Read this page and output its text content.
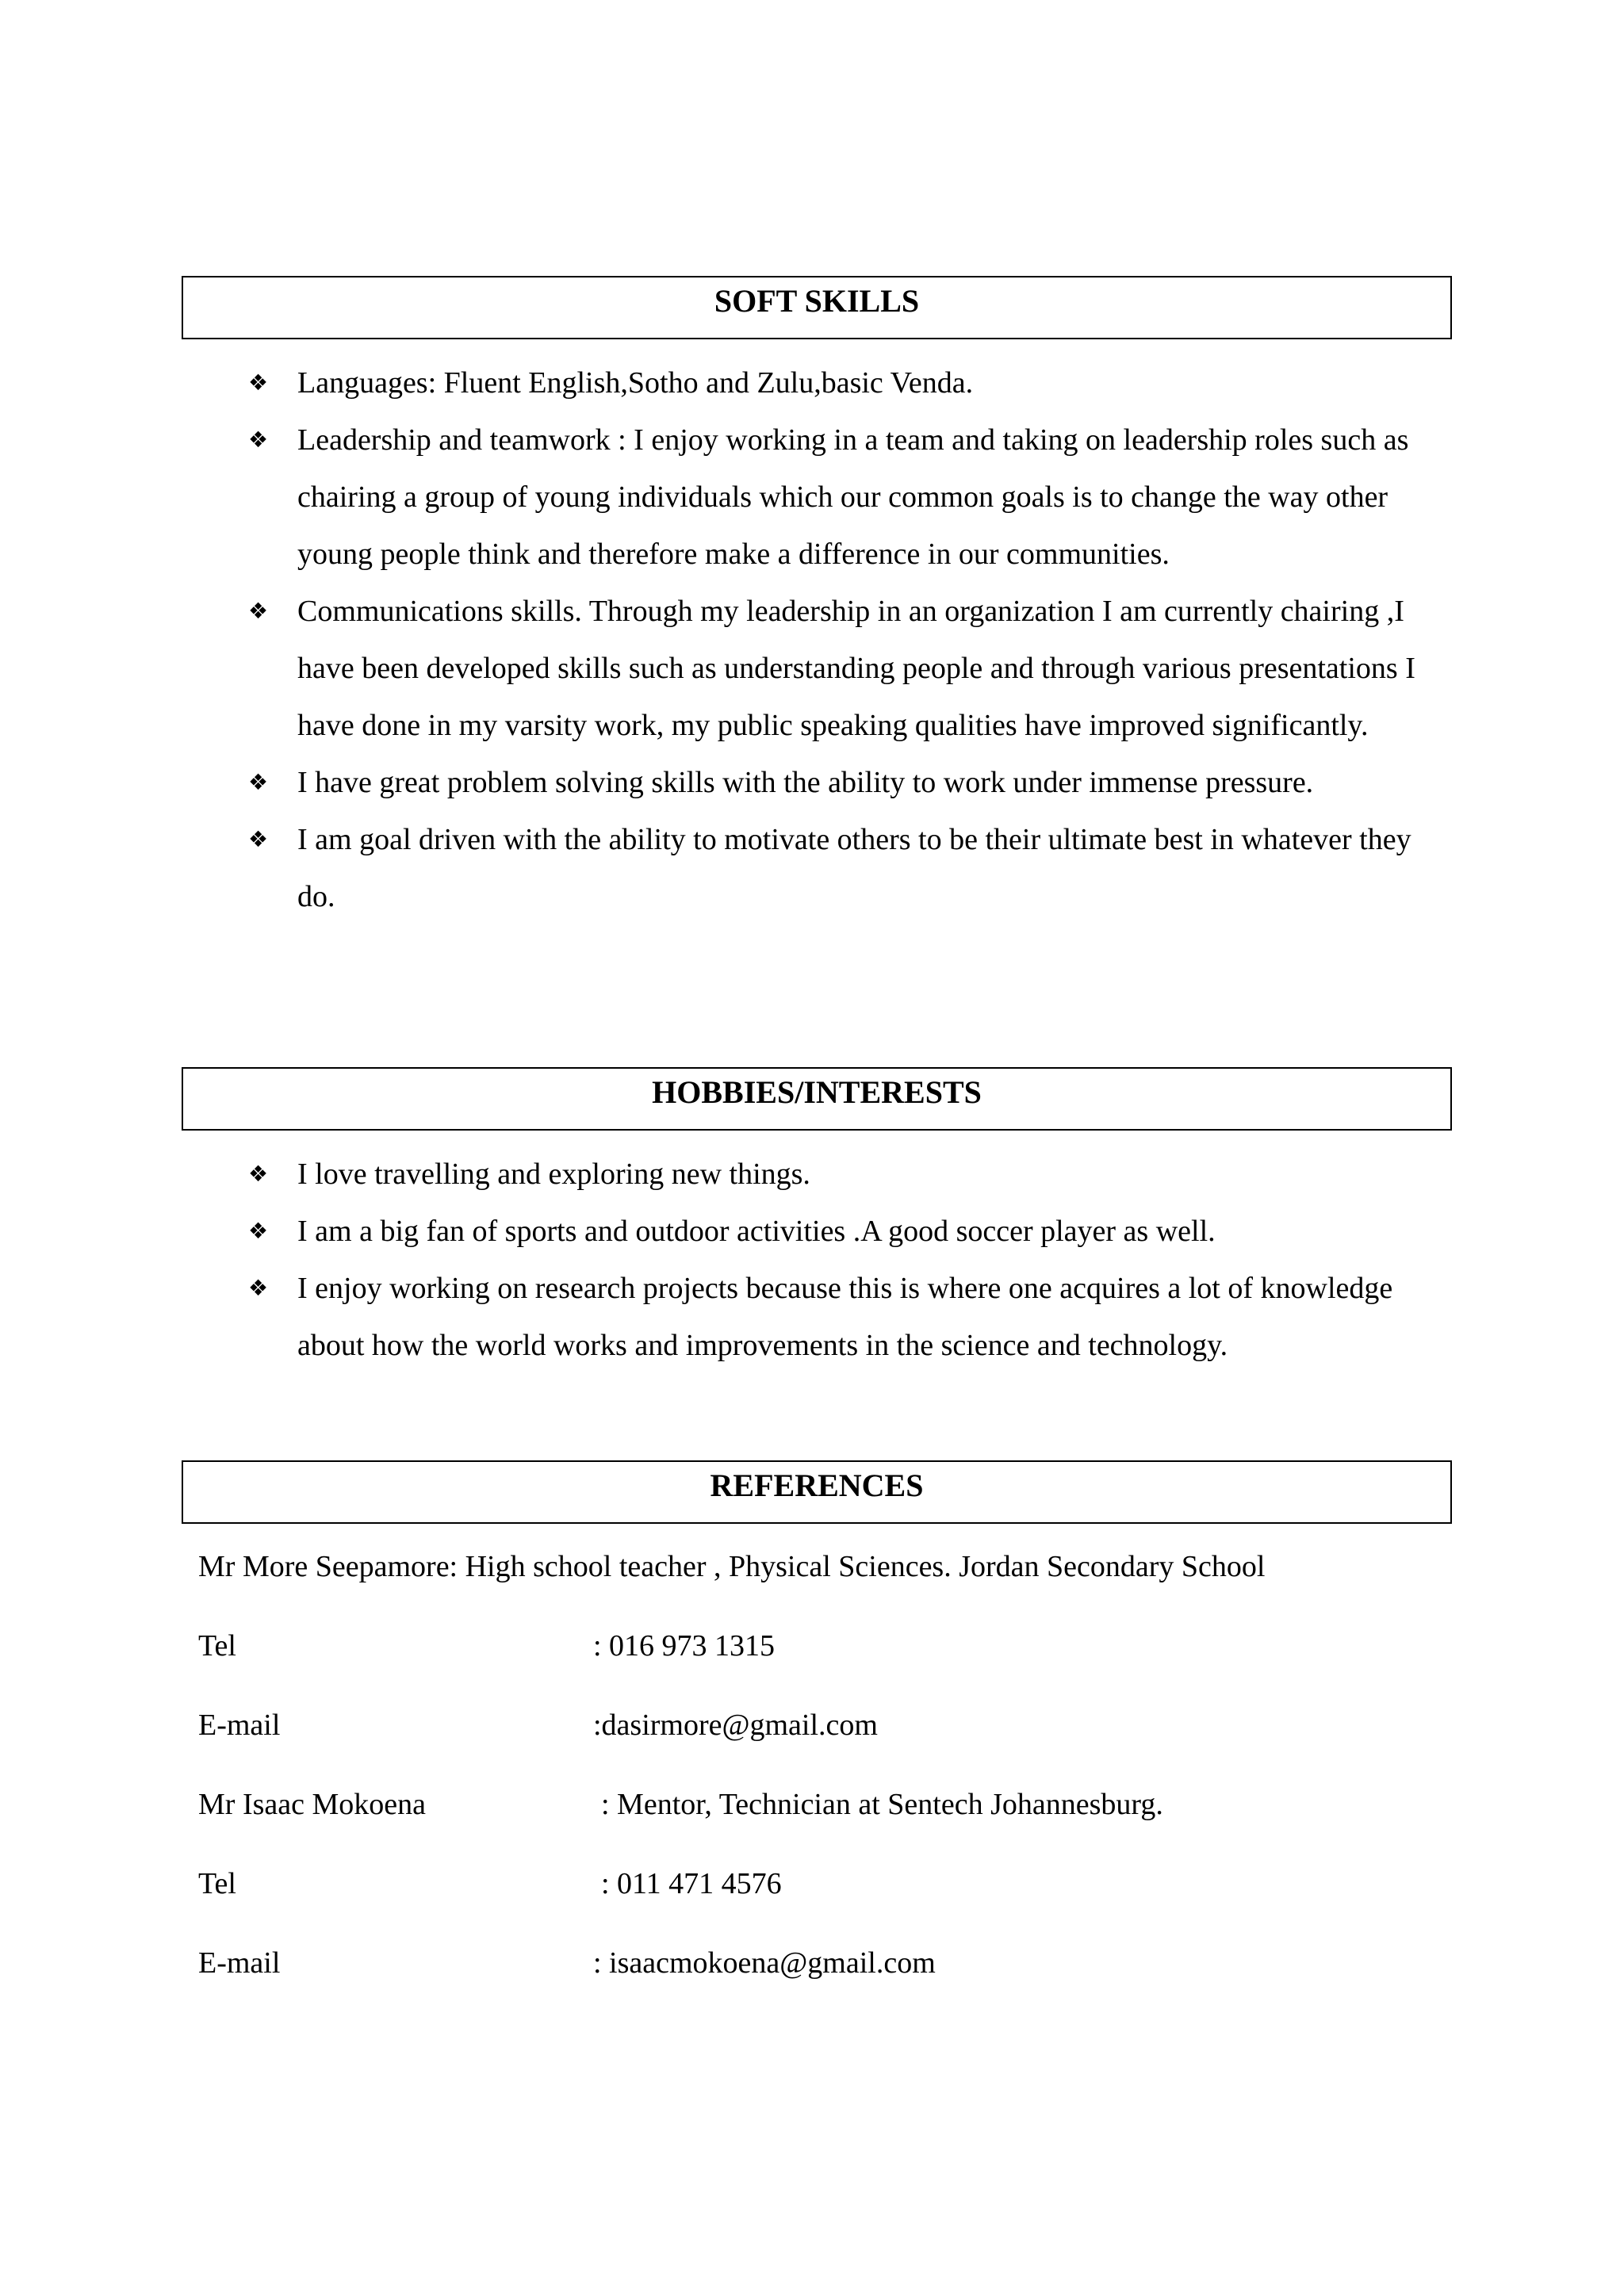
SOFT SKILLS
❖ Languages: Fluent English,Sotho and Zulu,basic Venda.
❖ Leadership and teamwork : I enjoy working in a team and taking on leadership roles such as chairing a group of young individuals which our common goals is to change the way other young people think and therefore make a difference in our communities.
❖ Communications skills. Through my leadership in an organization I am currently chairing ,I have been developed skills such as understanding people and through various presentations I have done in my varsity work, my public speaking qualities have improved significantly.
❖ I have great problem solving skills with the ability to work under immense pressure.
❖ I am goal driven with the ability to motivate others to be their ultimate best in whatever they do.
HOBBIES/INTERESTS
❖ I love travelling and exploring new things.
❖ I am a big fan of sports and outdoor activities .A good soccer player as well.
❖ I enjoy working on research projects because this is where one acquires a lot of knowledge about how the world works and improvements in the science and technology.
REFERENCES
Mr More Seepamore: High school teacher , Physical Sciences. Jordan Secondary School
Tel	: 016 973 1315
E-mail	:dasirmore@gmail.com
Mr Isaac Mokoena	: Mentor, Technician at Sentech Johannesburg.
Tel	: 011 471 4576
E-mail	: isaacmokoena@gmail.com
